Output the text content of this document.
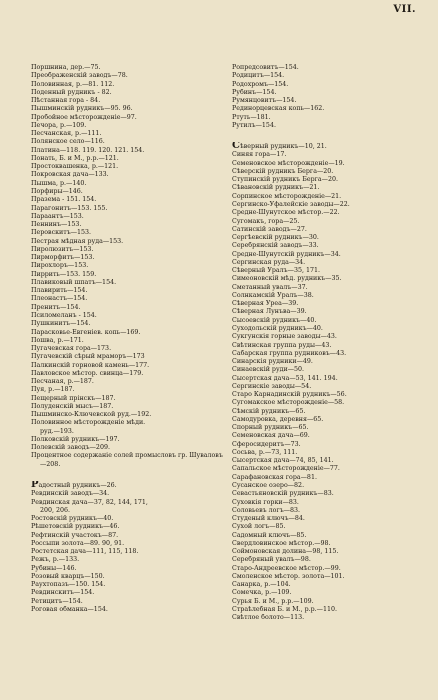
VII.
Поршнина, дер.—75.
Преображенскій заводъ—78.
Половинная, р.—81. 112.
Поденный рудникъ - 82.
Пѣстанная гора - 84.
Пышминскій рудникъ—95. 96.
Пробойное мѣсторожденіе—97.
Печора, р.—109.
Песчанская, р.—111.
Полянское село—116.
Платина—118. 119. 120. 121. 154.
Понать, Б. и М., р.р.—121.
Простоквашенка, р.—121.
Покровская дача—133.
Пышма, р.—140.
Порфиры—146.
Празема - 151. 154.
Парагонитъ—153. 155.
Параантъ—153.
Пеннинъ—153.
Перовскитъ—153.
Пестрая мѣдная руда—153.
Пиролюзитъ—153.
Пирморфитъ—153.
Пирохлоръ—153.
Пиррить—153. 159.
Плавиковый шпатъ—154.
Плавирить—154.
Плеонастъ—154.
Пренитъ—154.
Псиломеланъ - 154.
Пушкинитъ—154.
Парасковье-Евгеніев. копь—169.
Пошва, р.—171.
Пугачевская гора—173.
Пугачевскій сѣрый мраморъ—173
Палкинскій горновой камень—177.
Павловское мѣстор. свинца—179.
Песчаная, р.—187.
Пуя, р.—187.
Пещерный прінскъ—187.
Полуденскій мысъ—187.
Пышминско-Ключевской руд.—192.
Половинное мѣсторожденіе мѣди.
руд.—193.
Полковскій рудникъ—197.
Полевскій заводъ—209.
Процентное содержаніе солей промысловъ гр. Шуваловъ—208.
Радостный рудникъ—26.
Ревдинскій заводъ—34.
Ревдинская дача—37, 82, 144, 171,
200, 206.
Ростовскій рудникъ—40.
Рѣшетовскій рудникъ—46.
Рефтинскій участокъ—87.
Россыпи золота—89. 90, 91.
Ростетская дача—111, 115, 118.
Режъ, р.—133.
Рубины—146.
Розовый кварцъ—150.
Раухтопазъ—150. 154.
Ревдинскитъ—154.
Ретицитъ—154.
Роговая обманка—154.
Ропредсовитъ—154.
Родицитъ—154.
Родохромъ—154.
Рубинъ—154.
Румянцовитъ—154.
Рединорцевская копь—162.
Ртуть—181.
Рутилъ—154.
Сѣверный рудникъ—10, 21.
Синяя гора—17.
Семеновское мѣсторожденіе—19.
Сѣверскій рудникъ Берга—20.
Ступинскій рудникъ Берга—20.
Сѣвановскій рудникъ—21.
Сорпинское мѣсторожденіе—21.
Сергинско-Уфалейскіе заводы—22.
Средне-Шунутское мѣстор.—22.
Сугомакъ, гора—25.
Сатинскій заводъ—27.
Сергѣевскій рудникъ—30.
Серебрянскій заводъ—33.
Средне-Шунутскій рудникъ—34.
Сергинская руда—34.
Сѣверный Уралъ—35, 171.
Симеоновскій мѣд. рудникъ—35.
Сметанный увалъ—37.
Солнкамскій Уралъ—38.
Сѣверная Уреа—39.
Сѣверная Лунъва—39.
Сысоевскій рудникъ—40.
Суходольскій рудникъ—40.
Сукгунскія горные заводы—43.
Свѣтинская группа руды—43.
Сабарская группа рудниковъ—43.
Синарскія рудники—49.
Синаевскій руди—50.
Сысертская дача—53, 141. 194.
Сергинскіе заводы—54.
Старо Карнадинскій рудникъ—56.
Сугомакское мѣсторожденіе—58.
Сѣмскій рудникъ—65.
Самодуровка, деревня—65.
Спорный рудникъ—65.
Семеновская дача—69.
Сферосидеритъ—73.
Сосьва, р.—73, 111.
Сысертская дача—74, 85, 141.
Сапальское мѣсторожденіе—77.
Сарафановская гора—81.
Сусанское озеро—82.
Севастьяновскій рудникъ—83.
Суховкія горки—83.
Соловьевъ логъ—83.
Студеный ключъ—84.
Сухой логъ—85.
Садомный ключъ—85.
Свердловинское мѣстор.—98.
Соймоновская долина—98, 115.
Серебряный увалъ—98.
Старо-Андреевское мѣстор.—99.
Смоленское мѣстор. золота—101.
Санарка, р.—104.
Сомечка, р.—109.
Сурья Б. и М., р.р.—109.
Страѣлебная Б. и М., р.р.—110.
Свѣтлое болото—113.
